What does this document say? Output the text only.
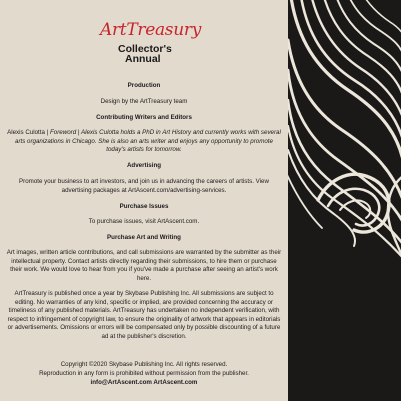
ArtTreasury
Collector's
Annual
Production
Design by the ArtTreasury team
Contributing Writers and Editors
Alexis Culotta | Foreword | Alexis Culotta holds a PhD in Art History and currently works with several arts organizations in Chicago. She is also an arts writer and enjoys any opportunity to promote today's artists for tomorrow.
Advertising
Promote your business to art investors, and join us in advancing the careers of artists. View advertising packages at ArtAscent.com/advertising-services.
Purchase Issues
To purchase issues, visit ArtAscent.com.
Purchase Art and Writing
Art images, written article contributions, and call submissions are warranted by the submitter as their intellectual property. Contact artists directly regarding their submissions, to hire them or purchase their work. We would love to hear from you if you've made a purchase after seeing an artist's work here.
ArtTreasury is published once a year by Skybase Publishing Inc. All submissions are subject to editing. No warranties of any kind, specific or implied, are provided concerning the accuracy or timeliness of any published materials. ArtTreasury has undertaken no independent verification, with respect to infringement of copyright law, to ensure the originality of artwork that appears in editorials or advertisements. Omissions or errors will be compensated only by possible discounting of a future ad at the publisher's discretion.
Copyright ©2020 Skybase Publishing Inc. All rights reserved.
Reproduction in any form is prohibited without permission from the publisher.
info@ArtAscent.com ArtAscent.com
